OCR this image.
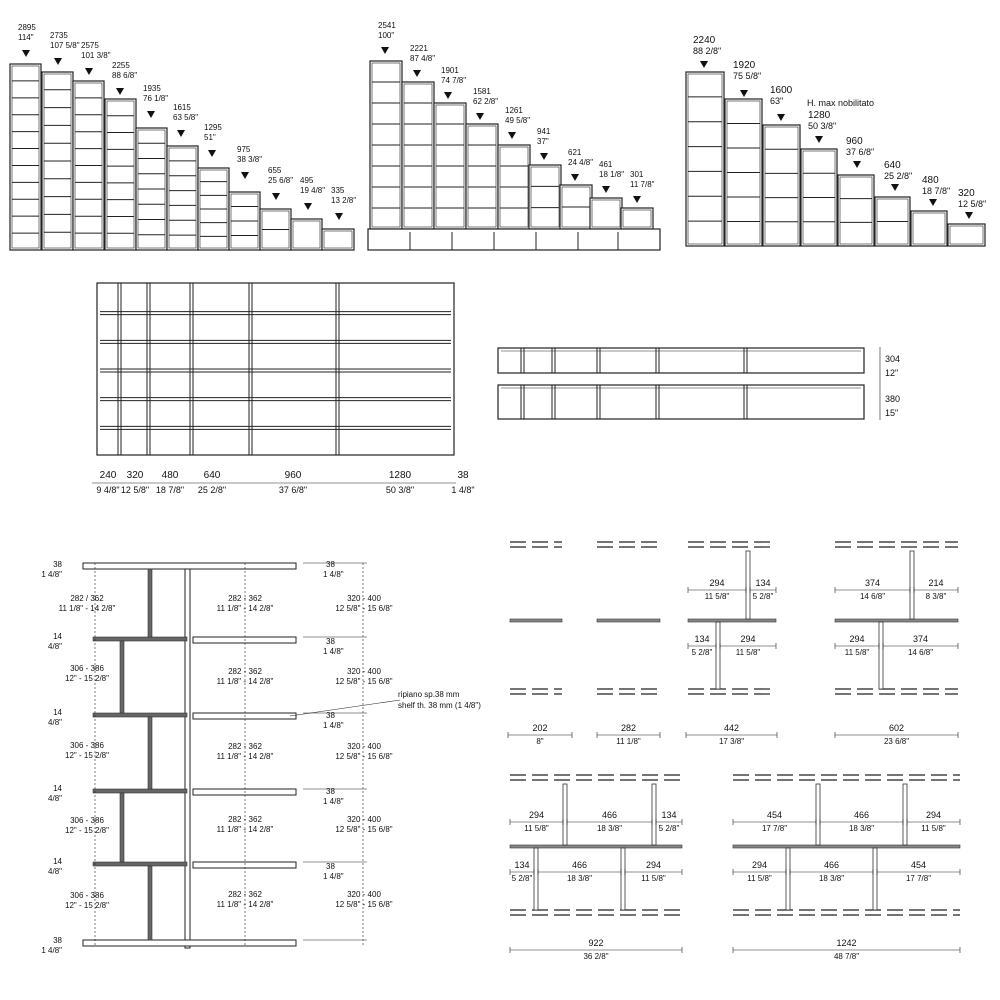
2895
114" 2735
107 5/8" 2575
101 3/8"
2255
88 6/8"
1935
76 1/8"
1615
63 5/8"
1295
51"
975
38 3/8"
655
25 6/8" 495
19 4/8" 335
13 2/8"
2541
100"
2221
87 4/8"
1901
74 7/8"
1581
62 2/8"
1261
49 5/8"
941
37"
621
24 4/8" 461
18 1/8" 301
11 7/8"
2240
88 2/8"
1920
75 5/8"
1600
63"
1280
50 3/8"
960
37 6/8"
640
25 2/8" 480
18 7/8" 320
12 5/8"
H. max nobilitato
240
9 4/8"
320
12 5/8"
480
18 7/8"
640
25 2/8"
960
37 6/8"
1280
50 3/8"
38
1 4/8"
304
12"
380
15"
38
1 4/8"
282 / 362
11 1/8" - 14 2/8"
14
4/8"
306 - 386
12" - 15 2/8"
14
4/8"
306 - 386
12" - 15 2/8"
14
4/8"
306 - 386
12" - 15 2/8"
14
4/8"
306 - 386
12" - 15 2/8"
38
1 4/8"
282 - 362
11 1/8" - 14 2/8"
282 - 362
11 1/8" - 14 2/8"
282 - 362
11 1/8" - 14 2/8"
282 - 362
11 1/8" - 14 2/8"
282 - 362
11 1/8" - 14 2/8"
320 - 400
12 5/8" - 15 6/8"
320 - 400
12 5/8" - 15 6/8"
320 - 400
12 5/8" - 15 6/8"
320 - 400
12 5/8" - 15 6/8"
320 - 400
12 5/8" - 15 6/8"
38
1 4/8"
38
1 4/8"
38
1 4/8"
38
1 4/8"
38
1 4/8"
ripiano sp.38 mm
shelf th. 38 mm (1 4/8")
202
8"
282
11 1/8"
294
11 5/8"
134
5 2/8"
134
5 2/8"
294
11 5/8"
442
17 3/8"
374
14 6/8"
214
8 3/8"
294
11 5/8"
374
14 6/8"
602
23 6/8"
294
11 5/8"
466
18 3/8"
134
5 2/8"
134
5 2/8"
466
18 3/8"
294
11 5/8"
922
36 2/8"
454
17 7/8"
466
18 3/8"
294
11 5/8"
294
11 5/8"
466
18 3/8"
454
17 7/8"
1242
48 7/8"
